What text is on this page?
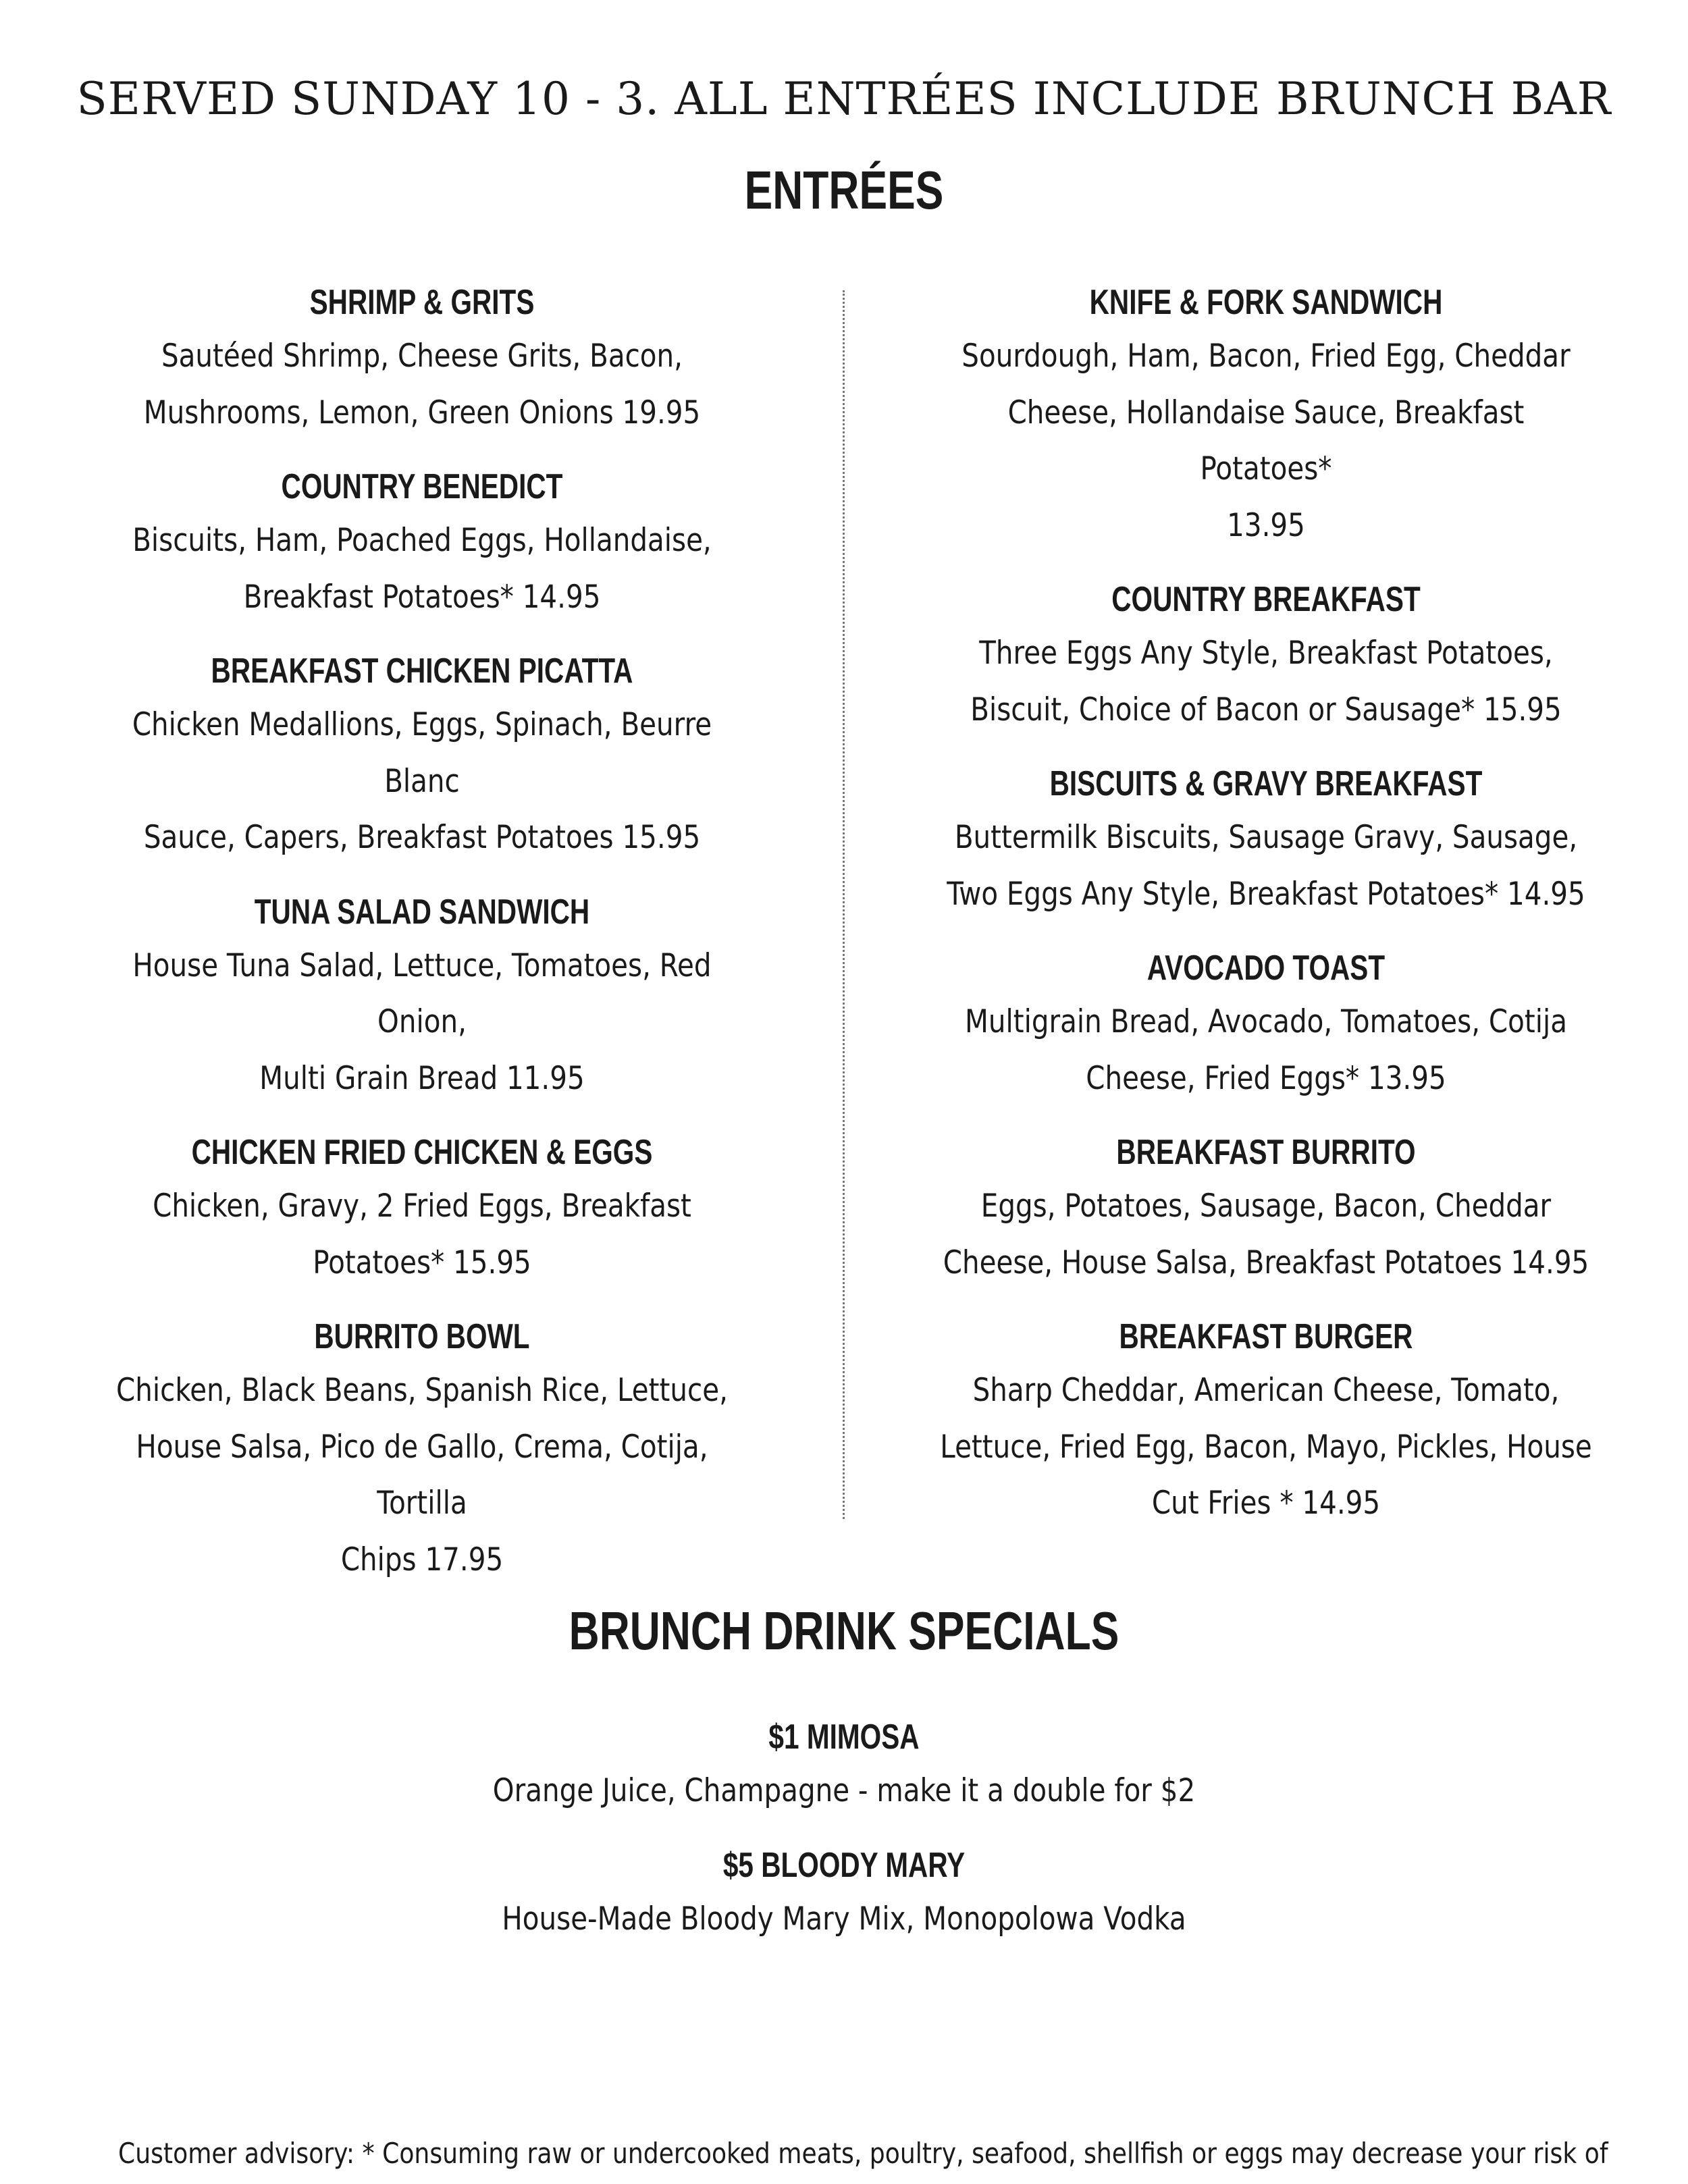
SERVED SUNDAY 10 - 3. ALL ENTRÉES INCLUDE BRUNCH BAR
ENTRÉES
SHRIMP & GRITS
Sautéed Shrimp, Cheese Grits, Bacon,
Mushrooms, Lemon, Green Onions 19.95
COUNTRY BENEDICT
Biscuits, Ham, Poached Eggs, Hollandaise,
Breakfast Potatoes* 14.95
BREAKFAST CHICKEN PICATTA
Chicken Medallions, Eggs, Spinach, Beurre Blanc
Sauce, Capers, Breakfast Potatoes 15.95
TUNA SALAD SANDWICH
House Tuna Salad, Lettuce, Tomatoes, Red Onion,
Multi Grain Bread 11.95
CHICKEN FRIED CHICKEN & EGGS
Chicken, Gravy, 2 Fried Eggs, Breakfast
Potatoes* 15.95
BURRITO BOWL
Chicken, Black Beans, Spanish Rice, Lettuce,
House Salsa, Pico de Gallo, Crema, Cotija, Tortilla
Chips 17.95
KNIFE & FORK SANDWICH
Sourdough, Ham, Bacon, Fried Egg, Cheddar
Cheese, Hollandaise Sauce, Breakfast Potatoes*
13.95
COUNTRY BREAKFAST
Three Eggs Any Style, Breakfast Potatoes,
Biscuit, Choice of Bacon or Sausage* 15.95
BISCUITS & GRAVY BREAKFAST
Buttermilk Biscuits, Sausage Gravy, Sausage,
Two Eggs Any Style, Breakfast Potatoes* 14.95
AVOCADO TOAST
Multigrain Bread, Avocado, Tomatoes, Cotija
Cheese, Fried Eggs* 13.95
BREAKFAST BURRITO
Eggs, Potatoes, Sausage, Bacon, Cheddar
Cheese, House Salsa, Breakfast Potatoes 14.95
BREAKFAST BURGER
Sharp Cheddar, American Cheese, Tomato,
Lettuce, Fried Egg, Bacon, Mayo, Pickles, House
Cut Fries * 14.95
BRUNCH DRINK SPECIALS
$1 MIMOSA
Orange Juice, Champagne - make it a double for $2
$5 BLOODY MARY
House-Made Bloody Mary Mix, Monopolowa Vodka
Customer advisory: * Consuming raw or undercooked meats, poultry, seafood, shellfish or eggs may decrease your risk of
